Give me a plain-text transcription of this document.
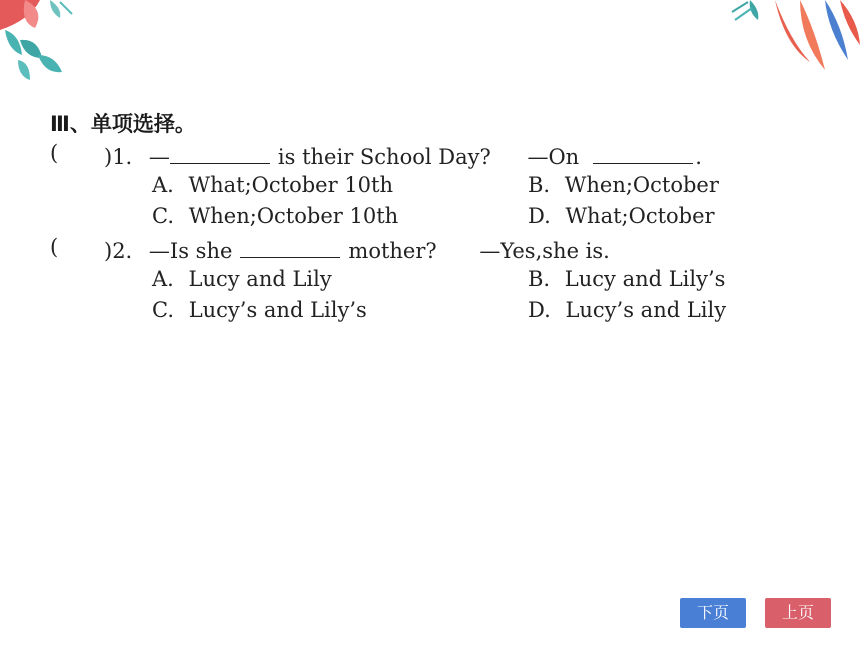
Ⅲ、单项选择。
( )1. —	is their School Day? —On	.
A. What;October 10th	B. When;October
C. When;October 10th	D. What;October
( )2. —Is she	mother? —Yes,she is.
A. Lucy and Lily	B. Lucy and Lily’s
C. Lucy’s and Lily’s	D. Lucy’s and Lily
下页	上页
